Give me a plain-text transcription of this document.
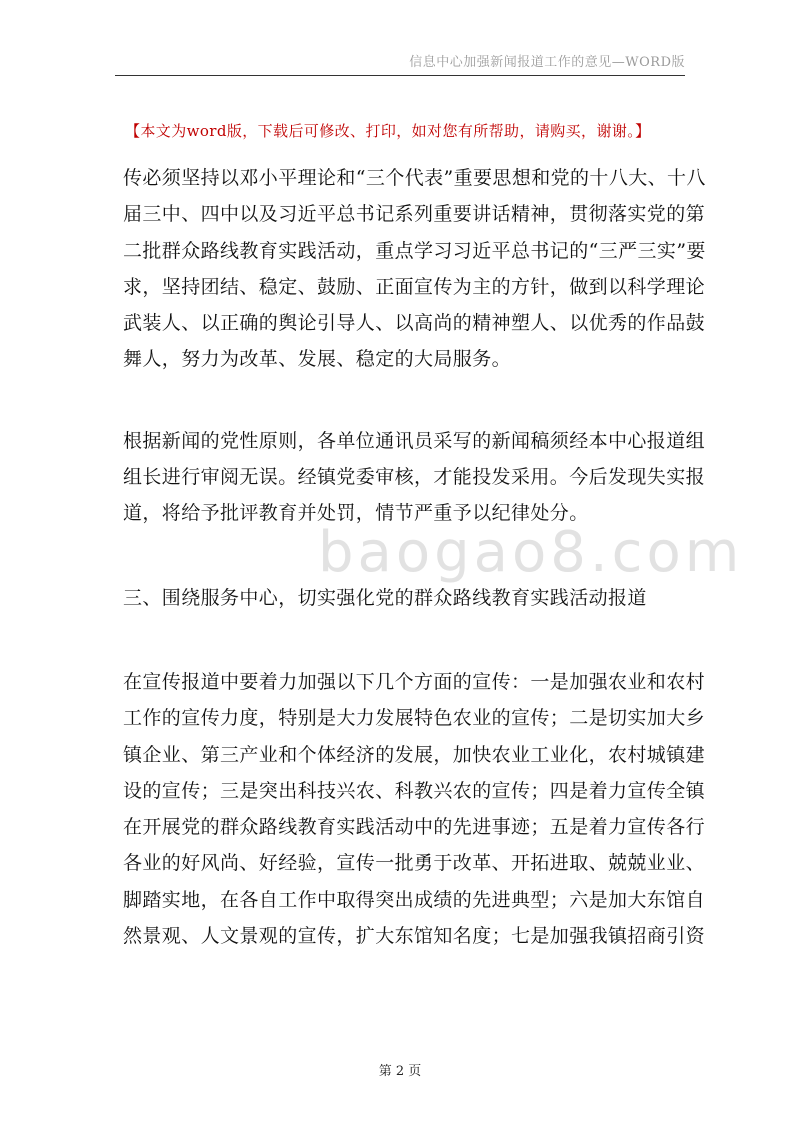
信息中心加强新闻报道工作的意见—WORD版
【本文为word版，下载后可修改、打印，如对您有所帮助，请购买，谢谢。】
baogao8.com

传必须坚持以邓小平理论和“三个代表”重要思想和党的十八大、十八
届三中、四中以及习近平总书记系列重要讲话精神，贯彻落实党的第
二批群众路线教育实践活动，重点学习习近平总书记的“三严三实”要
求，坚持团结、稳定、鼓励、正面宣传为主的方针，做到以科学理论
武装人、以正确的舆论引导人、以高尚的精神塑人、以优秀的作品鼓
舞人，努力为改革、发展、稳定的大局服务。

根据新闻的党性原则，各单位通讯员采写的新闻稿须经本中心报道组
组长进行审阅无误。经镇党委审核，才能投发采用。今后发现失实报
道，将给予批评教育并处罚，情节严重予以纪律处分。

三、围绕服务中心，切实强化党的群众路线教育实践活动报道

在宣传报道中要着力加强以下几个方面的宣传：一是加强农业和农村
工作的宣传力度，特别是大力发展特色农业的宣传；二是切实加大乡
镇企业、第三产业和个体经济的发展，加快农业工业化，农村城镇建
设的宣传；三是突出科技兴农、科教兴农的宣传；四是着力宣传全镇
在开展党的群众路线教育实践活动中的先进事迹；五是着力宣传各行
各业的好风尚、好经验，宣传一批勇于改革、开拓进取、兢兢业业、
脚踏实地，在各自工作中取得突出成绩的先进典型；六是加大东馆自
然景观、人文景观的宣传，扩大东馆知名度；七是加强我镇招商引资

第 2 页
